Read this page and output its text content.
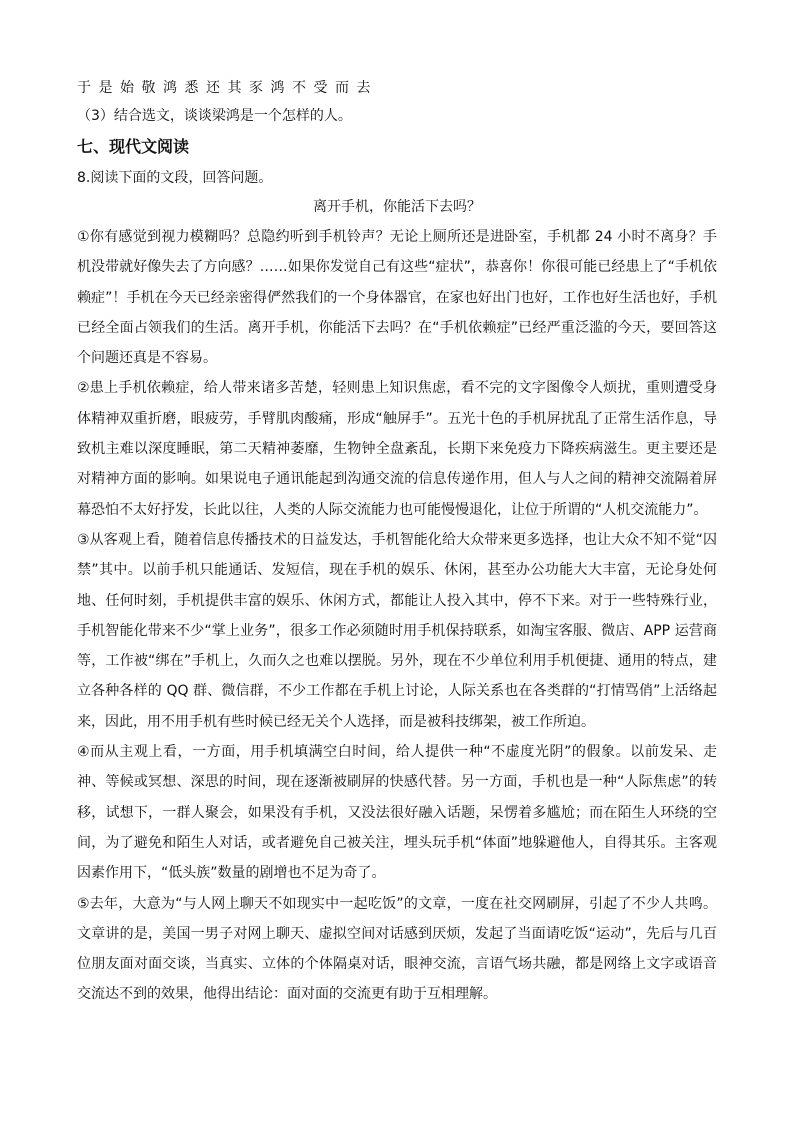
于是始敬鸿悉还其豕鸿不受而去
（3）结合选文，谈谈梁鸿是一个怎样的人。
七、现代文阅读
8.阅读下面的文段，回答问题。
离开手机，你能活下去吗？

①你有感觉到视力模糊吗？总隐约听到手机铃声？无论上厕所还是进卧室，手机都 24 小时不离身？手机没带就好像失去了方向感？……如果你发觉自己有这些“症状”，恭喜你！你很可能已经患上了“手机依赖症”！手机在今天已经亲密得俨然我们的一个身体器官，在家也好出门也好，工作也好生活也好，手机已经全面占领我们的生活。离开手机，你能活下去吗？在“手机依赖症”已经严重泛滥的今天，要回答这个问题还真是不容易。

②患上手机依赖症，给人带来诸多苦楚，轻则患上知识焦虑，看不完的文字图像令人烦扰，重则遭受身体精神双重折磨，眼疲劳，手臂肌肉酸痛，形成“触屏手”。五光十色的手机屏扰乱了正常生活作息，导致机主难以深度睡眠，第二天精神萎靡，生物钟全盘紊乱，长期下来免疫力下降疾病滋生。更主要还是对精神方面的影响。如果说电子通讯能起到沟通交流的信息传递作用，但人与人之间的精神交流隔着屏幕恐怕不太好抒发，长此以往，人类的人际交流能力也可能慢慢退化，让位于所谓的“人机交流能力”。

③从客观上看，随着信息传播技术的日益发达，手机智能化给大众带来更多选择，也让大众不知不觉“囚禁”其中。以前手机只能通话、发短信，现在手机的娱乐、休闲，甚至办公功能大大丰富，无论身处何地、任何时刻，手机提供丰富的娱乐、休闲方式，都能让人投入其中，停不下来。对于一些特殊行业，手机智能化带来不少“掌上业务”，很多工作必须随时用手机保持联系，如淘宝客服、微店、APP 运营商等，工作被“绑在”手机上，久而久之也难以摆脱。另外，现在不少单位利用手机便捷、通用的特点，建立各种各样的 QQ 群、微信群，不少工作都在手机上讨论，人际关系也在各类群的“打情骂俏”上活络起来，因此，用不用手机有些时候已经无关个人选择，而是被科技绑架，被工作所迫。

④而从主观上看，一方面，用手机填满空白时间，给人提供一种“不虚度光阴”的假象。以前发呆、走神、等候或冥想、深思的时间，现在逐渐被刷屏的快感代替。另一方面，手机也是一种“人际焦虑”的转移，试想下，一群人聚会，如果没有手机，又没法很好融入话题，呆愣着多尴尬；而在陌生人环绕的空间，为了避免和陌生人对话，或者避免自己被关注，埋头玩手机“体面”地躲避他人，自得其乐。主客观因素作用下，“低头族”数量的剧增也不足为奇了。

⑤去年，大意为“与人网上聊天不如现实中一起吃饭”的文章，一度在社交网刷屏，引起了不少人共鸣。文章讲的是，美国一男子对网上聊天、虚拟空间对话感到厌烦，发起了当面请吃饭“运动”，先后与几百位朋友面对面交谈，当真实、立体的个体隔桌对话，眼神交流，言语气场共融，都是网络上文字或语音交流达不到的效果，他得出结论：面对面的交流更有助于互相理解。
